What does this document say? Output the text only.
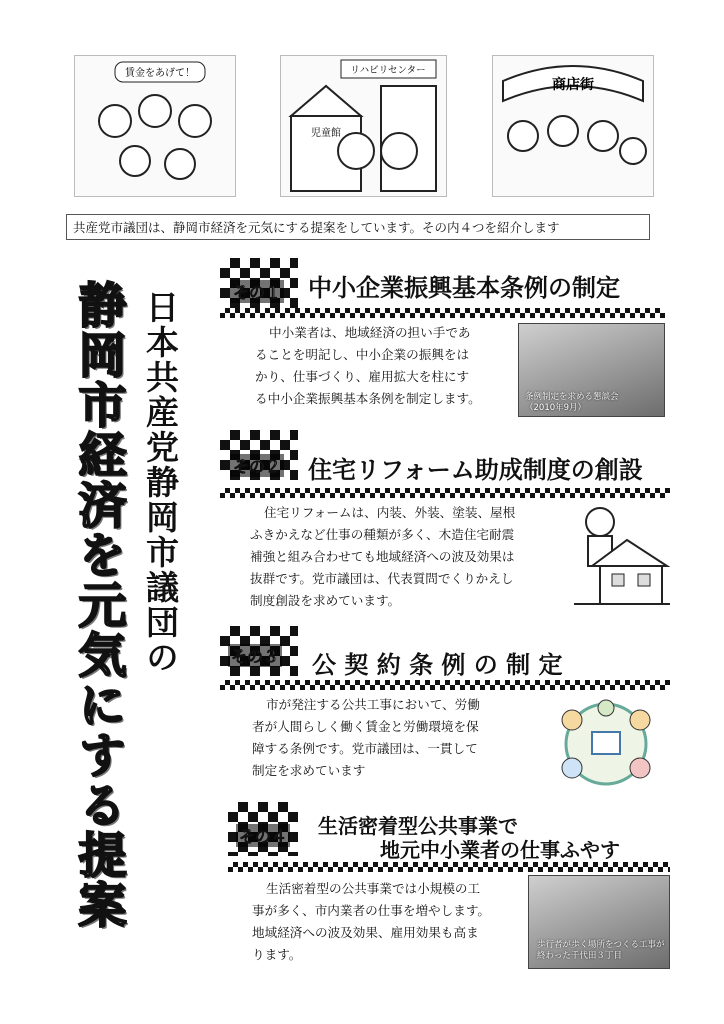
賃金をあげて！	リハビリセンター
児童館
商店街
共産党市議団は、静岡市経済を元気にする提案をしています。その内４つを紹介します
静岡市経済を元気にする提案 日本共産党静岡市議団の	その１ 中小企業振興基本条例の制定
中小業者は、地域経済の担い手であ
ることを明記し、中小企業の振興をは
かり、仕事づくり、雇用拡大を柱にす
る中小企業振興基本条例を制定します。	条例制定を求める懇談会
（2010年9月）
その２ 住宅リフォーム助成制度の創設
住宅リフォームは、内装、外装、塗装、屋根
ふきかえなど仕事の種類が多く、木造住宅耐震
補強と組み合わせても地域経済への波及効果は
抜群です。党市議団は、代表質問でくりかえし
制度創設を求めています。
その３ 公 契 約 条 例 の 制 定
市が発注する公共工事において、労働
者が人間らしく働く賃金と労働環境を保
障する条例です。党市議団は、一貫して
制定を求めています
その４ 生活密着型公共事業で
地元中小業者の仕事ふやす
生活密着型の公共事業では小規模の工
事が多く、市内業者の仕事を増やします。
地域経済への波及効果、雇用効果も高ま
ります。
歩行者が歩く場所をつくる工事が
終わった千代田３丁目
